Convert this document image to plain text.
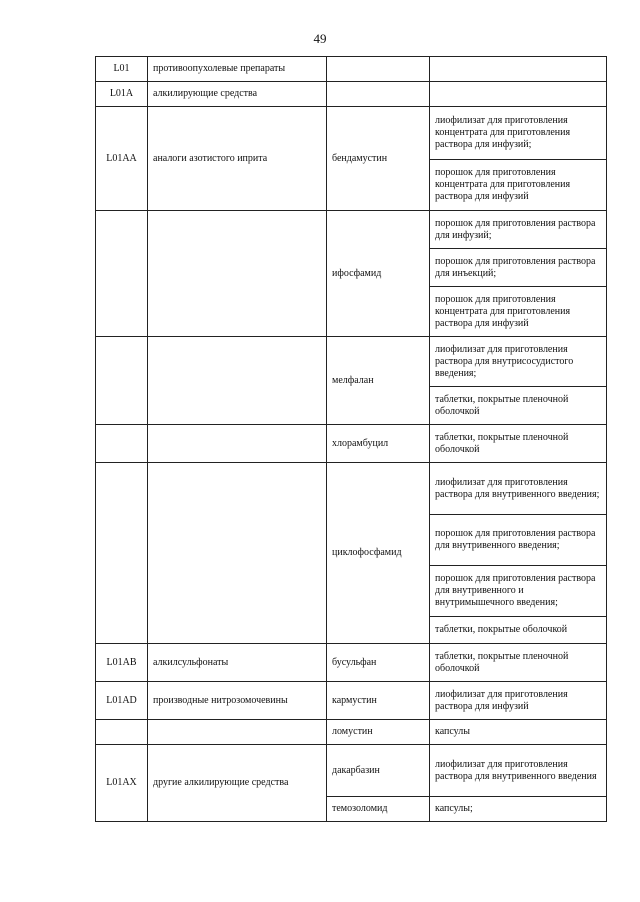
49
L01	противоопухолевые препараты		
L01A	алкилирующие средства		
L01AA	аналоги азотистого иприта	бендамустин	лиофилизат для приготовления концентрата для приготовления раствора для инфузий;
			порошок для приготовления концентрата для приготовления раствора для инфузий
		ифосфамид	порошок для приготовления раствора для инфузий;
			порошок для приготовления раствора для инъекций;
			порошок для приготовления концентрата для приготовления раствора для инфузий
		мелфалан	лиофилизат для приготовления раствора для внутрисосудистого введения;
			таблетки, покрытые пленочной оболочкой
		хлорамбуцил	таблетки, покрытые пленочной оболочкой
		циклофосфамид	лиофилизат для приготовления раствора для внутривенного введения;
			порошок для приготовления раствора для внутривенного введения;
			порошок для приготовления раствора для внутривенного и внутримышечного введения;
			таблетки, покрытые оболочкой
L01AB	алкилсульфонаты	бусульфан	таблетки, покрытые пленочной оболочкой
L01AD	производные нитрозомочевины	кармустин	лиофилизат для приготовления раствора для инфузий
		ломустин	капсулы
L01AX	другие алкилирующие средства	дакарбазин	лиофилизат для приготовления раствора для внутривенного введения
		темозоломид	капсулы;
